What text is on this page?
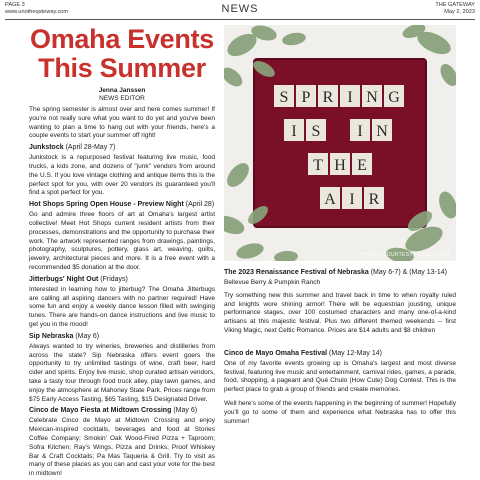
PAGE 3
www.unotheqateway.com	NEWS	THE GATEWAY
May 2, 2023
Omaha Events
This Summer
Jenna Janssen
NEWS EDITOR

The spring semester is almost over and here comes summer! If you're not really sure what you want to do yet and you've been wanting to plan a time to hang out with your friends, here's a couple events to start your summer off right!

Junkstock (April 28-May 7)

Junkstock is a repurposed festival featuring live music, food trucks, a kids zone, and dozens of "junk" vendors from around the U.S. If you love vintage clothing and antique items this is the perfect spot for you, with over 20 vendors its guaranteed you'll find a spot perfect for you.

Hot Shops Spring Open House - Preview Night (April 28)

Go and admire three floors of art at Omaha's largest artist collective! Meet Hot Shops current resident artists from their processes, demonstrations and the opportunity to purchase their work. The artwork represented ranges from drawings, paintings, photography, sculptures, pottery, glass art, weaving, quilts, jewelry, architectural pieces and more. It is a free event with a recommended $5 donation at the door.

Jitterbugs' Night Out (Fridays)

Interested in learning how to jitterbug? The Omaha Jitterbugs are calling all aspiring dancers with no partner required! Have some fun and enjoy a weekly dance lesson filled with swinging tunes. There are hands-on dance instructions and live music to get you in the mood!

Sip Nebraska (May 6)

Always wanted to try wineries, breweries and distilleries from across the state? Sip Nebraska offers event goers the opportunity to try unlimited tastings of wine, craft beer, hard cider and spirits. Enjoy live music, shop curated artisan vendors, take a tasty tour through food truck alley, play lawn games, and enjoy the atmosphere at Mahoney State Park. Prices range from $75 Early Access Tasting, $65 Tasting, $15 Designated Driver.

Cinco de Mayo Fiesta at Midtown Crossing (May 6)

Celebrate Cinco de Mayo at Midtown Crossing and enjoy Mexican-inspired cocktails, beverages and food at Stories Coffee Company; Smokin' Oak Wood-Fired Pizza + Taproom; Sofra Kitchen; Ray's Wings, Pizza and Drinks; Proof Whiskey Bar & Craft Cocktails; Pa Mas Taqueria & Grill. Try to visit as many of these places as you can and cast your vote for the best in midtown!

S P R I N G
I S I N
T H E
A I R
PHOTO COURTESY PEXELS.COM
The 2023 Renaissance Festival of Nebraska (May 6-7) & (May 13-14)

Bellevue Berry & Pumpkin Ranch

Try something new this summer and travel back in time to when royalty ruled and knights wore shining armor! There will be equestrian jousting, unique performance stages, over 100 costumed characters and many one-of-a-kind artisans at this majestic festival. Plus two different themed weekends -- first Viking Magic, next Celtic Romance. Prices are $14 adults and $8 children

Cinco de Mayo Omaha Festival (May 12-May 14)

One of my favorite events growing up is Omaha's largest and most diverse festival, featuring live music and entertainment, carnival rides, games, a parade, food, shopping, a pageant and Qué Chulo (How Cute) Dog Contest. This is the perfect place to grab a group of friends and create memories.

Well here's some of the events happening in the beginning of summer! Hopefully you'll go to some of them and experience what Nebraska has to offer this summer!
